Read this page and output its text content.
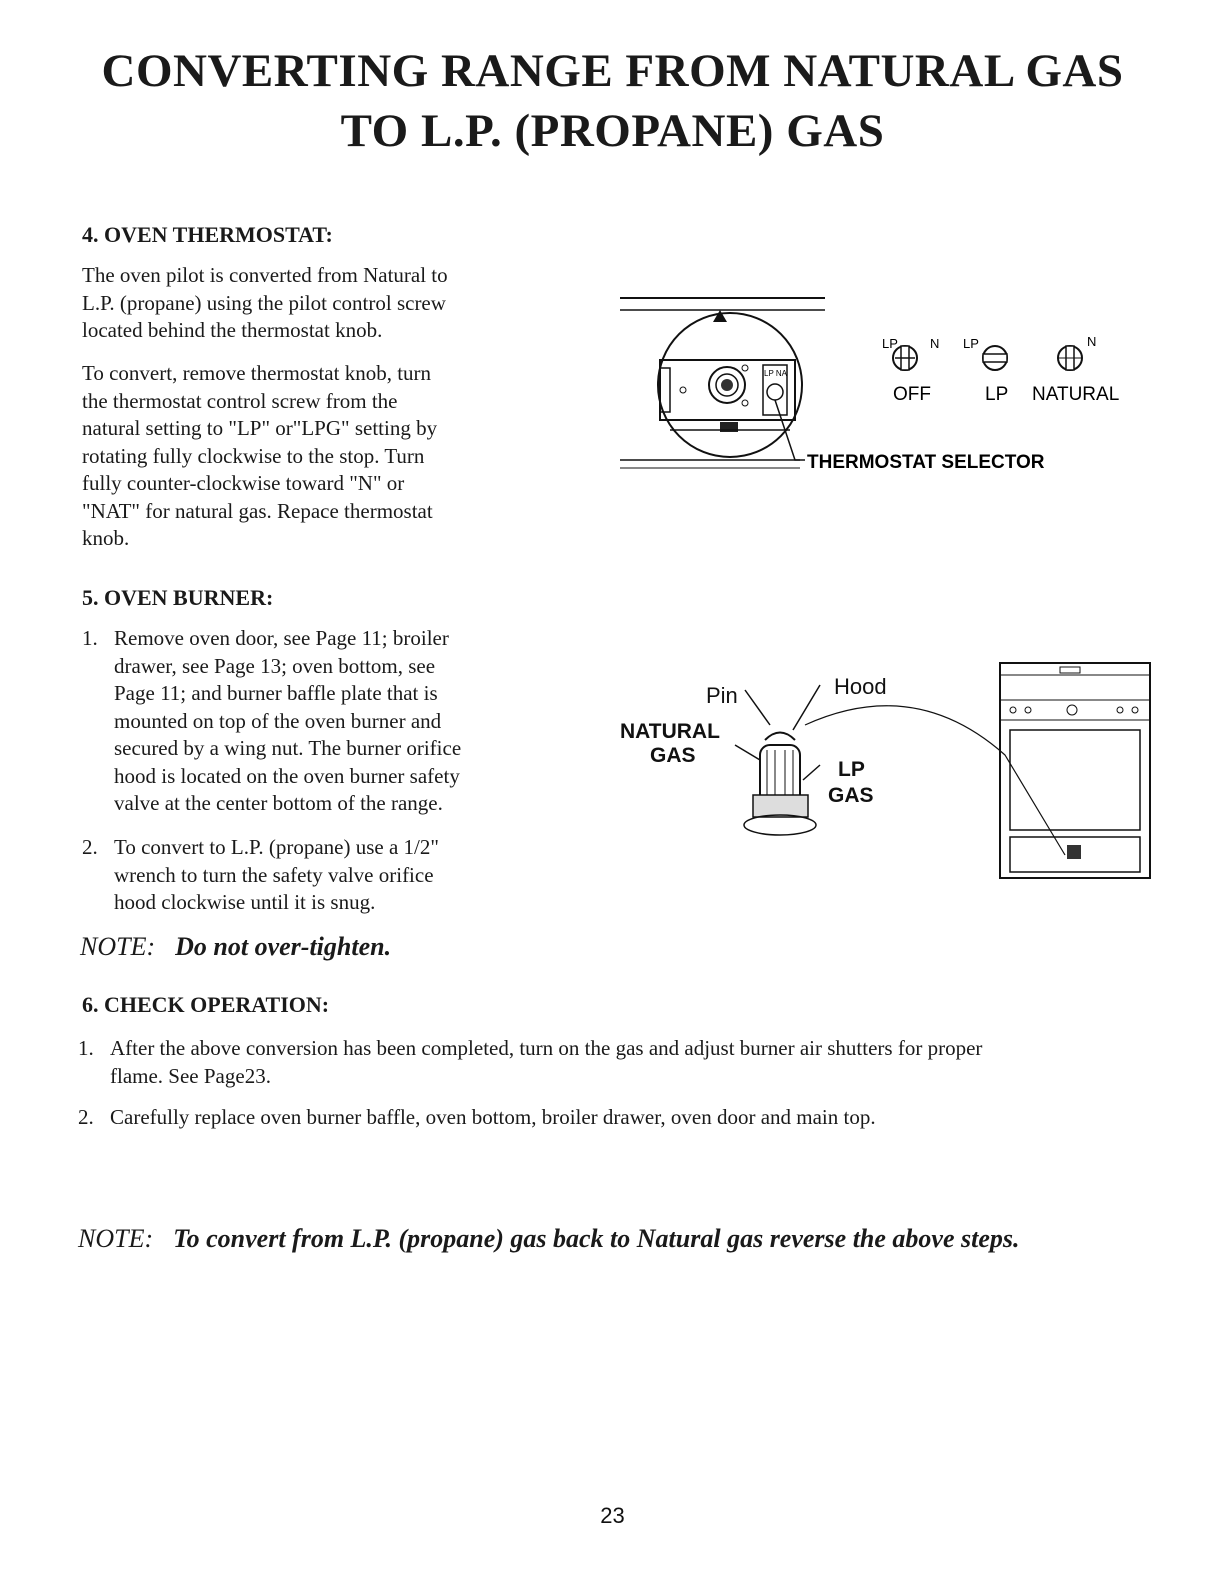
CONVERTING RANGE FROM NATURAL GAS
TO L.P. (PROPANE) GAS
4. OVEN THERMOSTAT:
The oven pilot is converted from Natural to
L.P. (propane) using the pilot control screw
located behind the thermostat knob.
To convert, remove thermostat knob, turn
the thermostat control screw from the
natural setting to "LP" or"LPG" setting by
rotating fully clockwise to the stop. Turn
fully counter-clockwise toward "N" or
"NAT" for natural gas. Repace thermostat
knob.
LP NA
LP N LP	N
OFF	LP NATURAL
THERMOSTAT SELECTOR
5. OVEN BURNER:
1. Remove oven door, see Page 11; broiler
drawer, see Page 13; oven bottom, see
Page 11; and burner baffle plate that is
mounted on top of the oven burner and
secured by a wing nut. The burner orifice
hood is located on the oven burner safety
valve at the center bottom of the range.
2. To convert to L.P. (propane) use a 1/2"
wrench to turn the safety valve orifice
hood clockwise until it is snug.
NOTE: Do not over-tighten.
Pin	Hood
NATURAL
GAS
LP
GAS
6. CHECK OPERATION:
1. After the above conversion has been completed, turn on the gas and adjust burner air shutters for proper
flame. See Page23.
2. Carefully replace oven burner baffle, oven bottom, broiler drawer, oven door and main top.
NOTE: To convert from L.P. (propane) gas back to Natural gas reverse the above steps.
23
